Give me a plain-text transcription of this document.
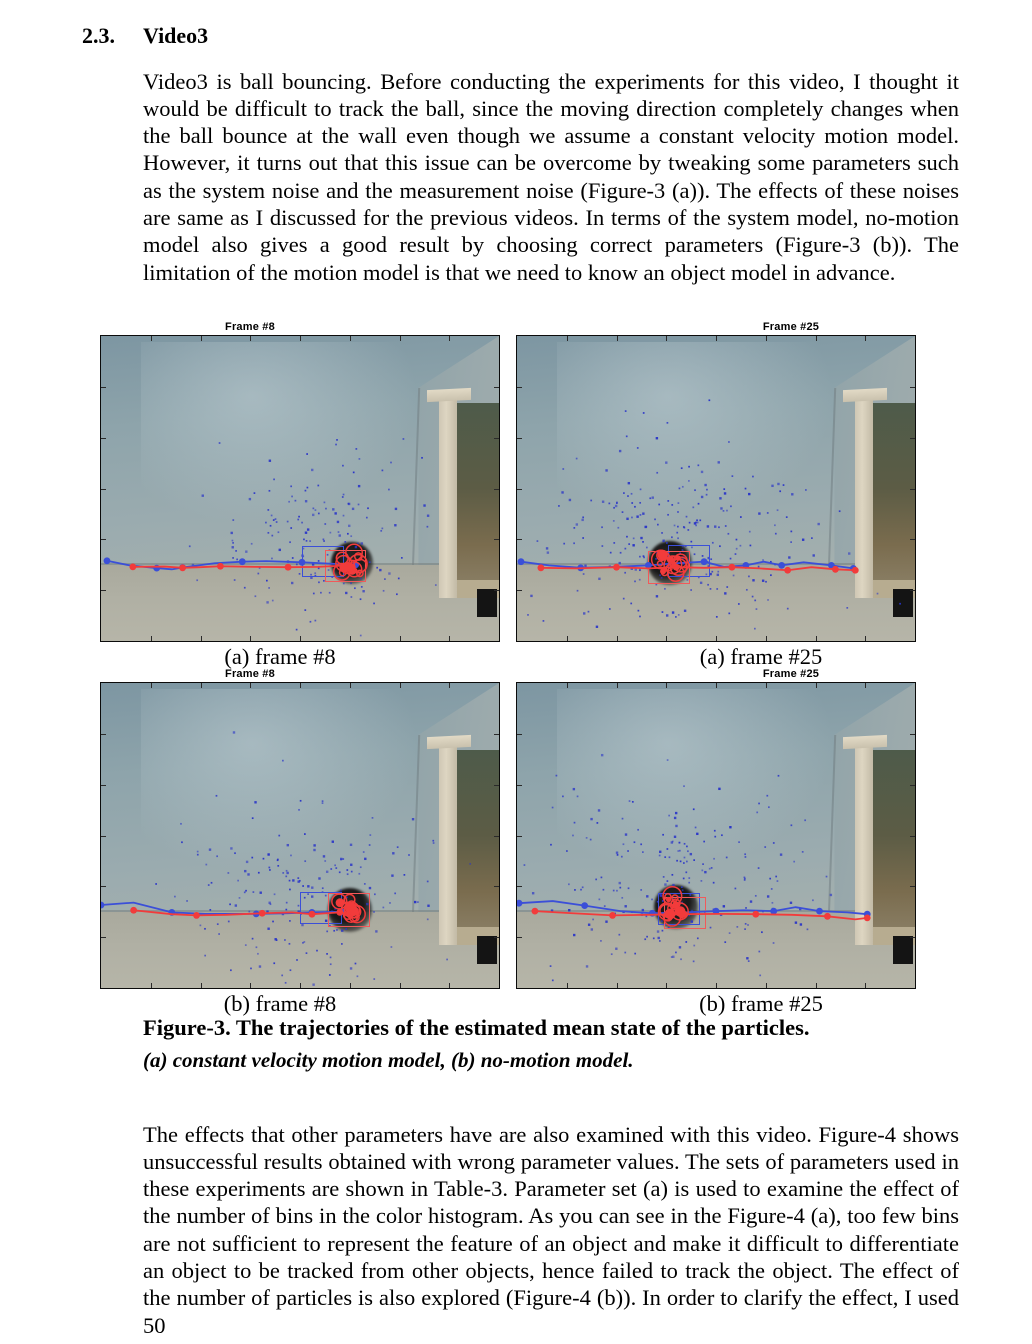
2.3. Video3

Video3 is ball bouncing. Before conducting the experiments for this video, I thought it would be difficult to track the ball, since the moving direction completely changes when the ball bounce at the wall even though we assume a constant velocity motion model. However, it turns out that this issue can be overcome by tweaking some parameters such as the system noise and the measurement noise (Figure-3 (a)). The effects of these noises are same as I discussed for the previous videos. In terms of the system model, no-motion model also gives a good result by choosing correct parameters (Figure-3 (b)). The limitation of the motion model is that we need to know an object model in advance.

Frame #8
(a) frame #8
Frame #25
(a) frame #25
Frame #8
(b) frame #8
Frame #25
(b) frame #25
Figure-3. The trajectories of the estimated mean state of the particles.
(a) constant velocity motion model, (b) no-motion model.

The effects that other parameters have are also examined with this video. Figure-4 shows unsuccessful results obtained with wrong parameter values. The sets of parameters used in these experiments are shown in Table-3. Parameter set (a) is used to examine the effect of the number of bins in the color histogram. As you can see in the Figure-4 (a), too few bins are not sufficient to represent the feature of an object and make it difficult to differentiate an object to be tracked from other objects, hence failed to track the object. The effect of the number of particles is also explored (Figure-4 (b)). In order to clarify the effect, I used 50
